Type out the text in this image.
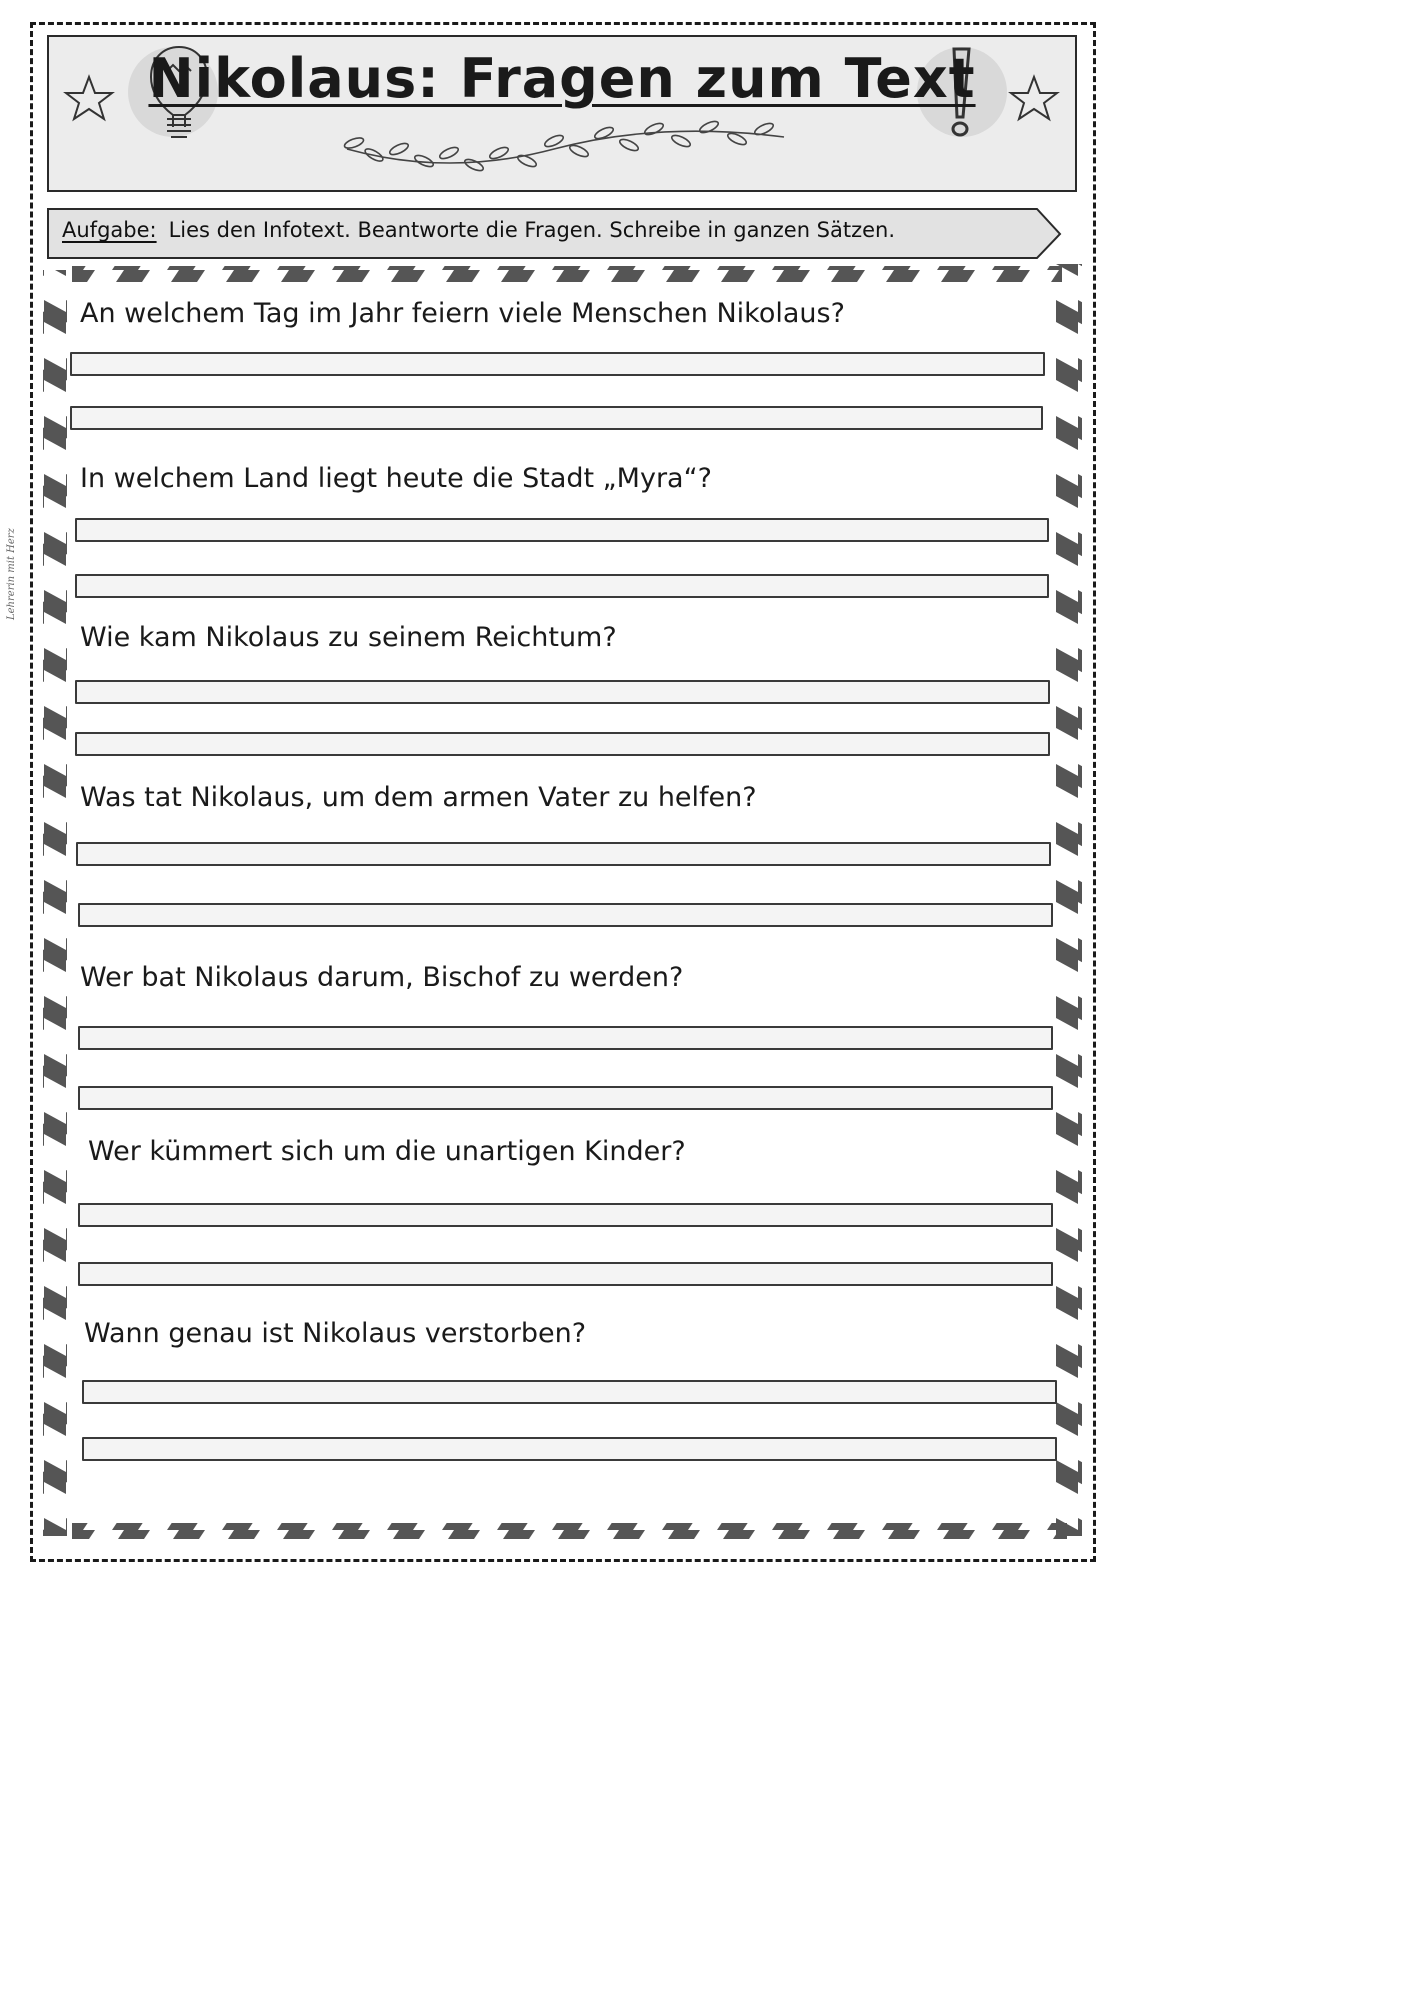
Nikolaus: Fragen zum Text
Aufgabe: Lies den Infotext. Beantworte die Fragen. Schreibe in ganzen Sätzen.
Lehrerin mit Herz
An welchem Tag im Jahr feiern viele Menschen Nikolaus?
In welchem Land liegt heute die Stadt „Myra“?
Wie kam Nikolaus zu seinem Reichtum?
Was tat Nikolaus, um dem armen Vater zu helfen?
Wer bat Nikolaus darum, Bischof zu werden?
Wer kümmert sich um die unartigen Kinder?
Wann genau ist Nikolaus verstorben?
